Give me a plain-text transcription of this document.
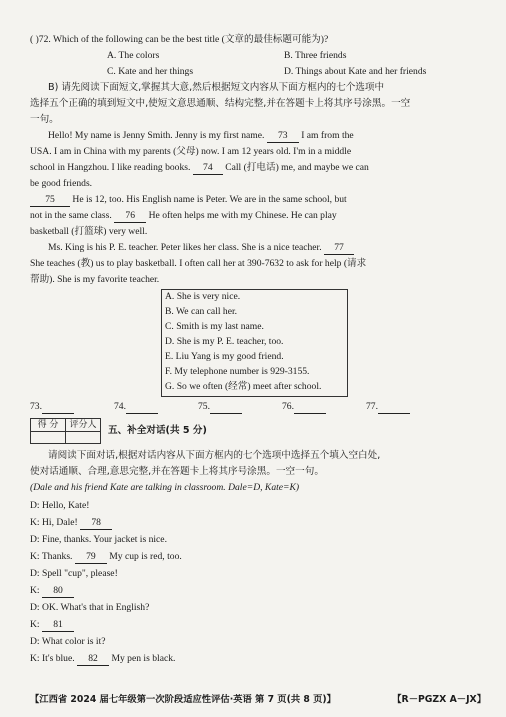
( )72. Which of the following can be the best title (文章的最佳标题可能为)?
A. The colors	B. Three friends
C. Kate and her things	D. Things about Kate and her friends
B) 请先阅读下面短文,掌握其大意,然后根据短文内容从下面方框内的七个选项中
选择五个正确的填到短文中,使短文意思通顺、结构完整,并在答题卡上将其序号涂黑。一空
一句。
Hello! My name is Jenny Smith. Jenny is my first name. 73 I am from the
USA. I am in China with my parents (父母) now. I am 12 years old. I'm in a middle
school in Hangzhou. I like reading books. 74 Call (打电话) me, and maybe we can
be good friends.
75 He is 12, too. His English name is Peter. We are in the same school, but
not in the same class. 76 He often helps me with my Chinese. He can play
basketball (打篮球) very well.
Ms. King is his P. E. teacher. Peter likes her class. She is a nice teacher. 77
She teaches (教) us to play basketball. I often call her at 390-7632 to ask for help (请求
帮助). She is my favorite teacher.
A. She is very nice.
B. We can call her.
C. Smith is my last name.
D. She is my P. E. teacher, too.
E. Liu Yang is my good friend.
F. My telephone number is 929-3155.
G. So we often (经常) meet after school.
73.	74.	75.	76.	77.
得 分	评分人
	五、补全对话(共 5 分)
请阅读下面对话,根据对话内容从下面方框内的七个选项中选择五个填入空白处,
使对话通顺、合理,意思完整,并在答题卡上将其序号涂黑。一空一句。
(Dale and his friend Kate are talking in classroom. Dale=D, Kate=K)
D: Hello, Kate!
K: Hi, Dale! 78
D: Fine, thanks. Your jacket is nice.
K: Thanks. 79 My cup is red, too.
D: Spell "cup", please!
K: 80
D: OK. What's that in English?
K: 81
D: What color is it?
K: It's blue. 82 My pen is black.
【江西省 2024 届七年级第一次阶段适应性评估·英语 第 7 页(共 8 页)】	【R－PGZX A－JX】
